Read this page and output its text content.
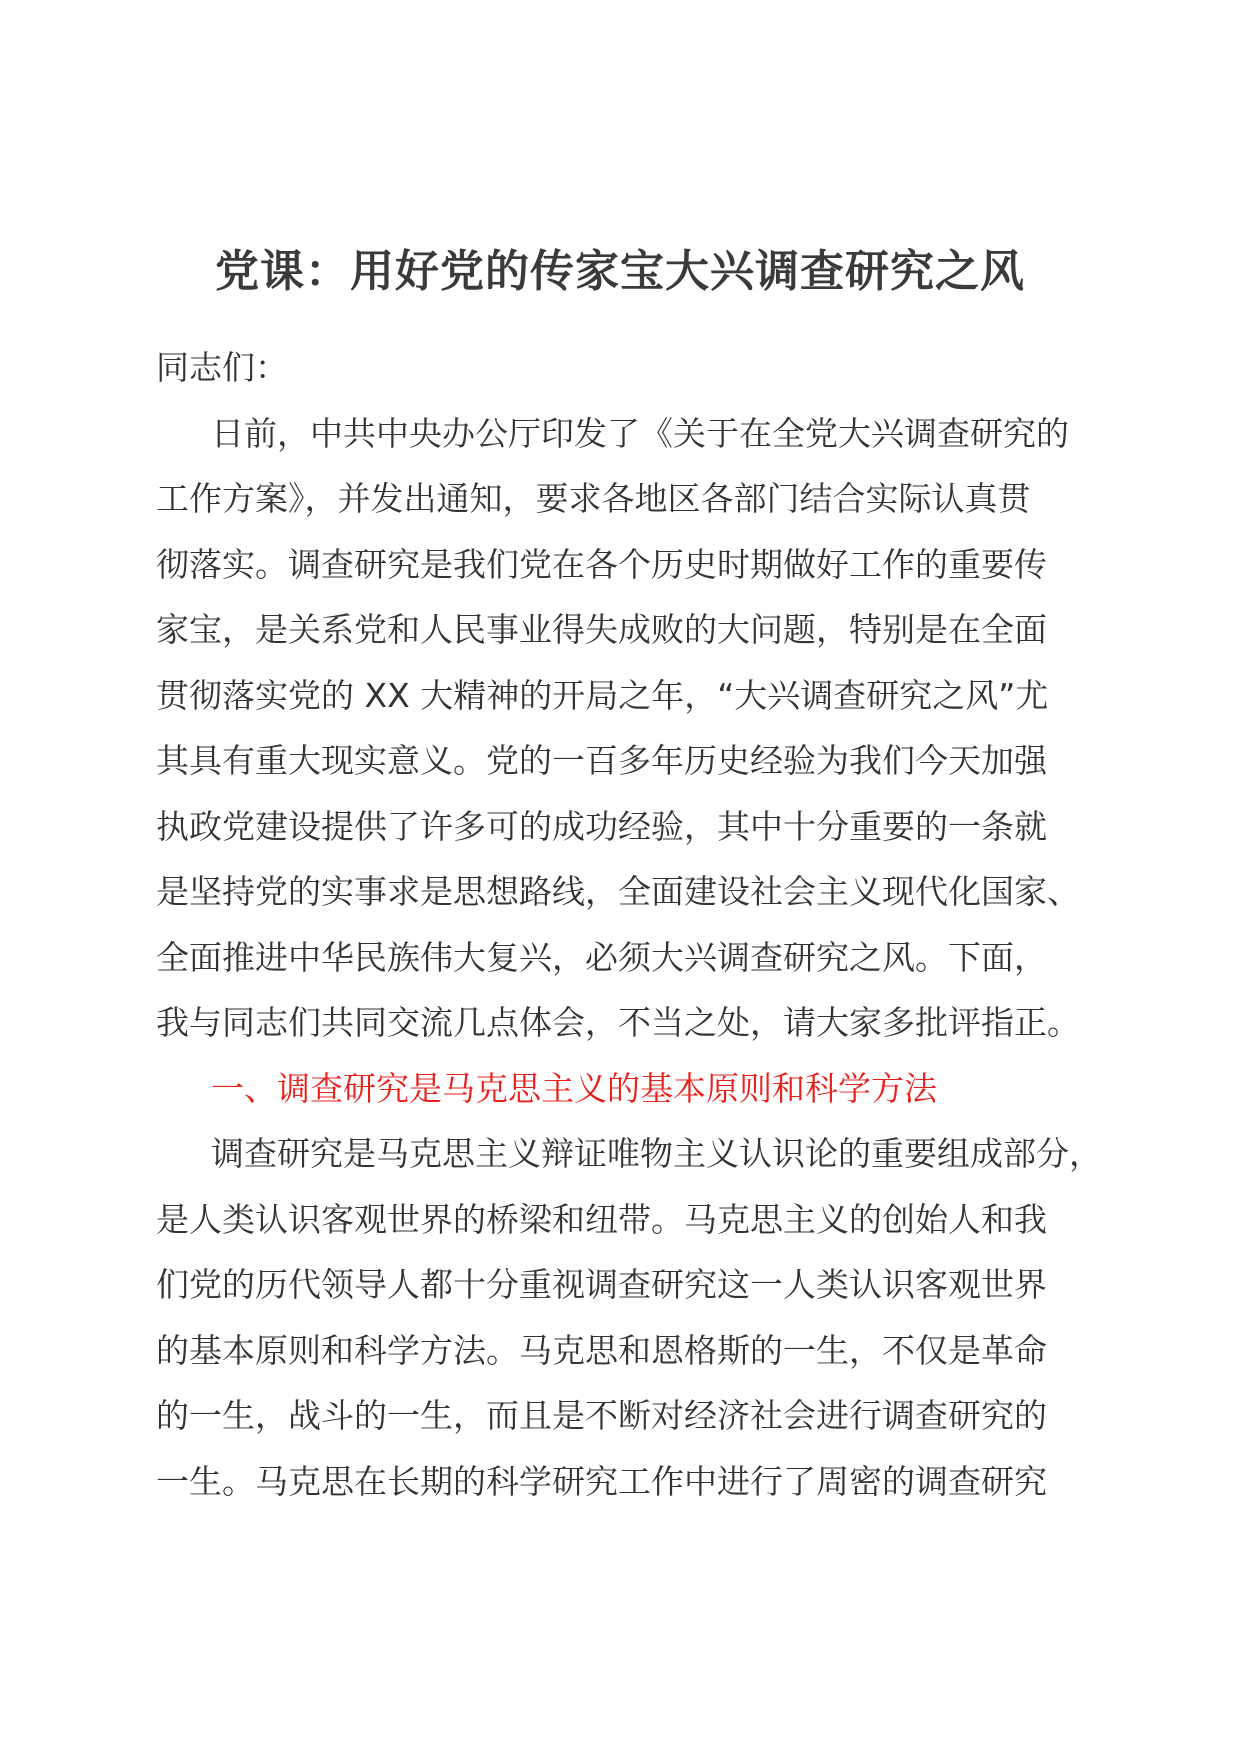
党课：用好党的传家宝大兴调查研究之风
同志们：
日前，中共中央办公厅印发了《关于在全党大兴调查研究的
工作方案》，并发出通知，要求各地区各部门结合实际认真贯
彻落实。调查研究是我们党在各个历史时期做好工作的重要传
家宝，是关系党和人民事业得失成败的大问题，特别是在全面
贯彻落实党的 XX 大精神的开局之年，“大兴调查研究之风”尤
其具有重大现实意义。党的一百多年历史经验为我们今天加强
执政党建设提供了许多可的成功经验，其中十分重要的一条就
是坚持党的实事求是思想路线，全面建设社会主义现代化国家、
全面推进中华民族伟大复兴，必须大兴调查研究之风。下面，
我与同志们共同交流几点体会，不当之处，请大家多批评指正。
一、调查研究是马克思主义的基本原则和科学方法
调查研究是马克思主义辩证唯物主义认识论的重要组成部分，
是人类认识客观世界的桥梁和纽带。马克思主义的创始人和我
们党的历代领导人都十分重视调查研究这一人类认识客观世界
的基本原则和科学方法。马克思和恩格斯的一生，不仅是革命
的一生，战斗的一生，而且是不断对经济社会进行调查研究的
一生。马克思在长期的科学研究工作中进行了周密的调查研究
